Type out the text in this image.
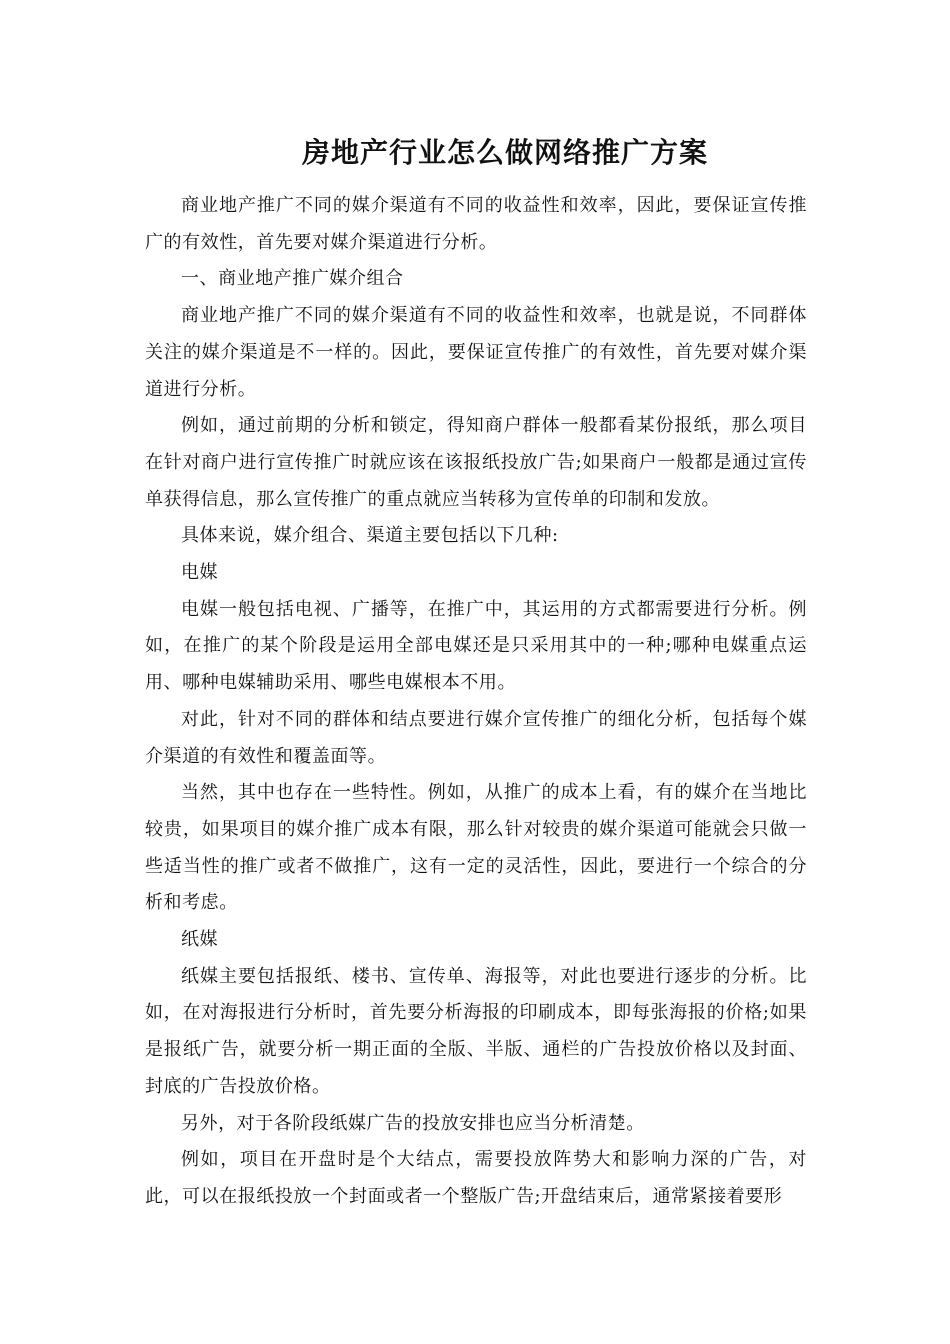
房地产行业怎么做网络推广方案

商业地产推广不同的媒介渠道有不同的收益性和效率，因此，要保证宣传推广的有效性，首先要对媒介渠道进行分析。

一、商业地产推广媒介组合

商业地产推广不同的媒介渠道有不同的收益性和效率，也就是说，不同群体关注的媒介渠道是不一样的。因此，要保证宣传推广的有效性，首先要对媒介渠道进行分析。

例如，通过前期的分析和锁定，得知商户群体一般都看某份报纸，那么项目在针对商户进行宣传推广时就应该在该报纸投放广告;如果商户一般都是通过宣传单获得信息，那么宣传推广的重点就应当转移为宣传单的印制和发放。

具体来说，媒介组合、渠道主要包括以下几种:

电媒

电媒一般包括电视、广播等，在推广中，其运用的方式都需要进行分析。例如，在推广的某个阶段是运用全部电媒还是只采用其中的一种;哪种电媒重点运用、哪种电媒辅助采用、哪些电媒根本不用。

对此，针对不同的群体和结点要进行媒介宣传推广的细化分析，包括每个媒介渠道的有效性和覆盖面等。

当然，其中也存在一些特性。例如，从推广的成本上看，有的媒介在当地比较贵，如果项目的媒介推广成本有限，那么针对较贵的媒介渠道可能就会只做一些适当性的推广或者不做推广，这有一定的灵活性，因此，要进行一个综合的分析和考虑。

纸媒

纸媒主要包括报纸、楼书、宣传单、海报等，对此也要进行逐步的分析。比如，在对海报进行分析时，首先要分析海报的印刷成本，即每张海报的价格;如果是报纸广告，就要分析一期正面的全版、半版、通栏的广告投放价格以及封面、封底的广告投放价格。

另外，对于各阶段纸媒广告的投放安排也应当分析清楚。

例如，项目在开盘时是个大结点，需要投放阵势大和影响力深的广告，对此，可以在报纸投放一个封面或者一个整版广告;开盘结束后，通常紧接着要形
